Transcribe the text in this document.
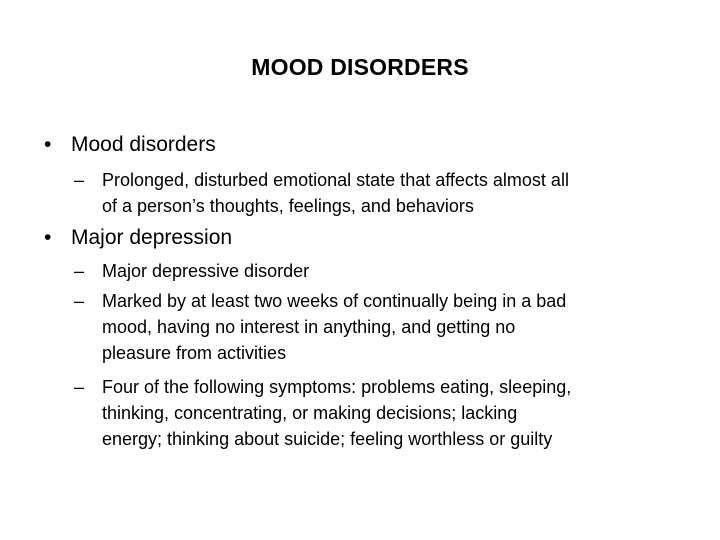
MOOD DISORDERS
• Mood disorders
– Prolonged, disturbed emotional state that affects almost all
of a person’s thoughts, feelings, and behaviors
• Major depression
– Major depressive disorder
– Marked by at least two weeks of continually being in a bad
mood, having no interest in anything, and getting no
pleasure from activities
– Four of the following symptoms: problems eating, sleeping,
thinking, concentrating, or making decisions; lacking
energy; thinking about suicide; feeling worthless or guilty
